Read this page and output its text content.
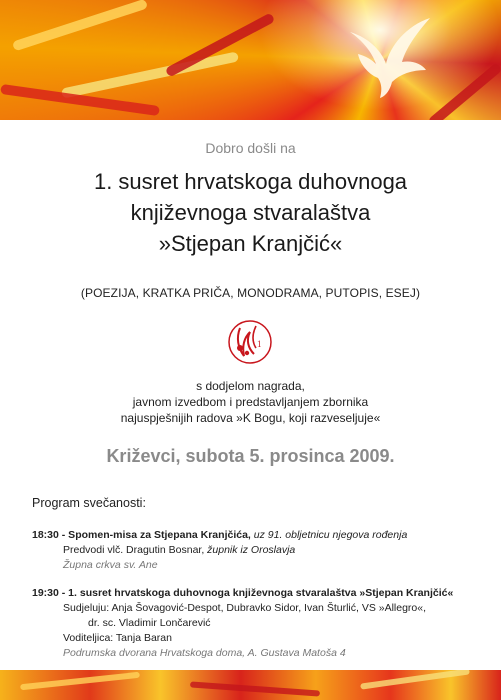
Dobro došli na
1. susret hrvatskoga duhovnoga
književnoga stvaralaštva
»Stjepan Kranjčić«
(POEZIJA, KRATKA PRIČA, MONODRAMA, PUTOPIS, ESEJ)
1
s dodjelom nagrada,
javnom izvedbom i predstavljanjem zbornika
najuspješnijih radova »K Bogu, koji razveseljuje«
Križevci, subota 5. prosinca 2009.
Program svečanosti:
18:30 - Spomen-misa za Stjepana Kranjčića, uz 91. obljetnicu njegova rođenja
Predvodi vlč. Dragutin Bosnar, župnik iz Oroslavja
Župna crkva sv. Ane
19:30 - 1. susret hrvatskoga duhovnoga književnoga stvaralaštva »Stjepan Kranjčić«
Sudjeluju: Anja Šovagović-Despot, Dubravko Sidor, Ivan Šturlić, VS »Allegro«,
dr. sc. Vladimir Lončarević
Voditeljica: Tanja Baran
Podrumska dvorana Hrvatskoga doma, A. Gustava Matoša 4
